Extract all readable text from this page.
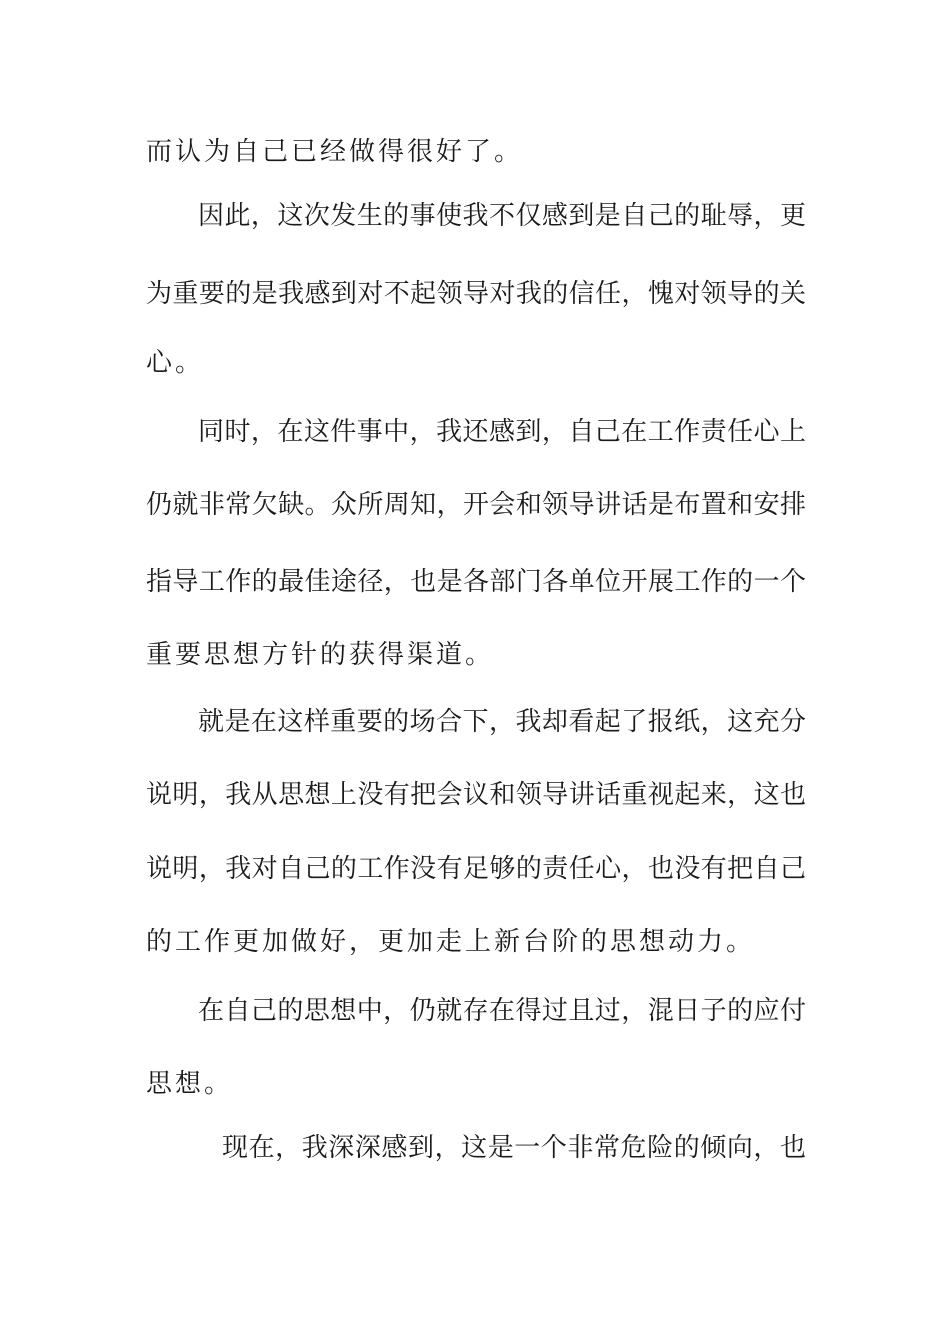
而认为自己已经做得很好了。
因此，这次发生的事使我不仅感到是自己的耻辱，更
为重要的是我感到对不起领导对我的信任，愧对领导的关
心。
同时，在这件事中，我还感到，自己在工作责任心上
仍就非常欠缺。众所周知，开会和领导讲话是布置和安排
指导工作的最佳途径，也是各部门各单位开展工作的一个
重要思想方针的获得渠道。
就是在这样重要的场合下，我却看起了报纸，这充分
说明，我从思想上没有把会议和领导讲话重视起来，这也
说明，我对自己的工作没有足够的责任心，也没有把自己
的工作更加做好，更加走上新台阶的思想动力。
在自己的思想中，仍就存在得过且过，混日子的应付
思想。
现在，我深深感到，这是一个非常危险的倾向，也
